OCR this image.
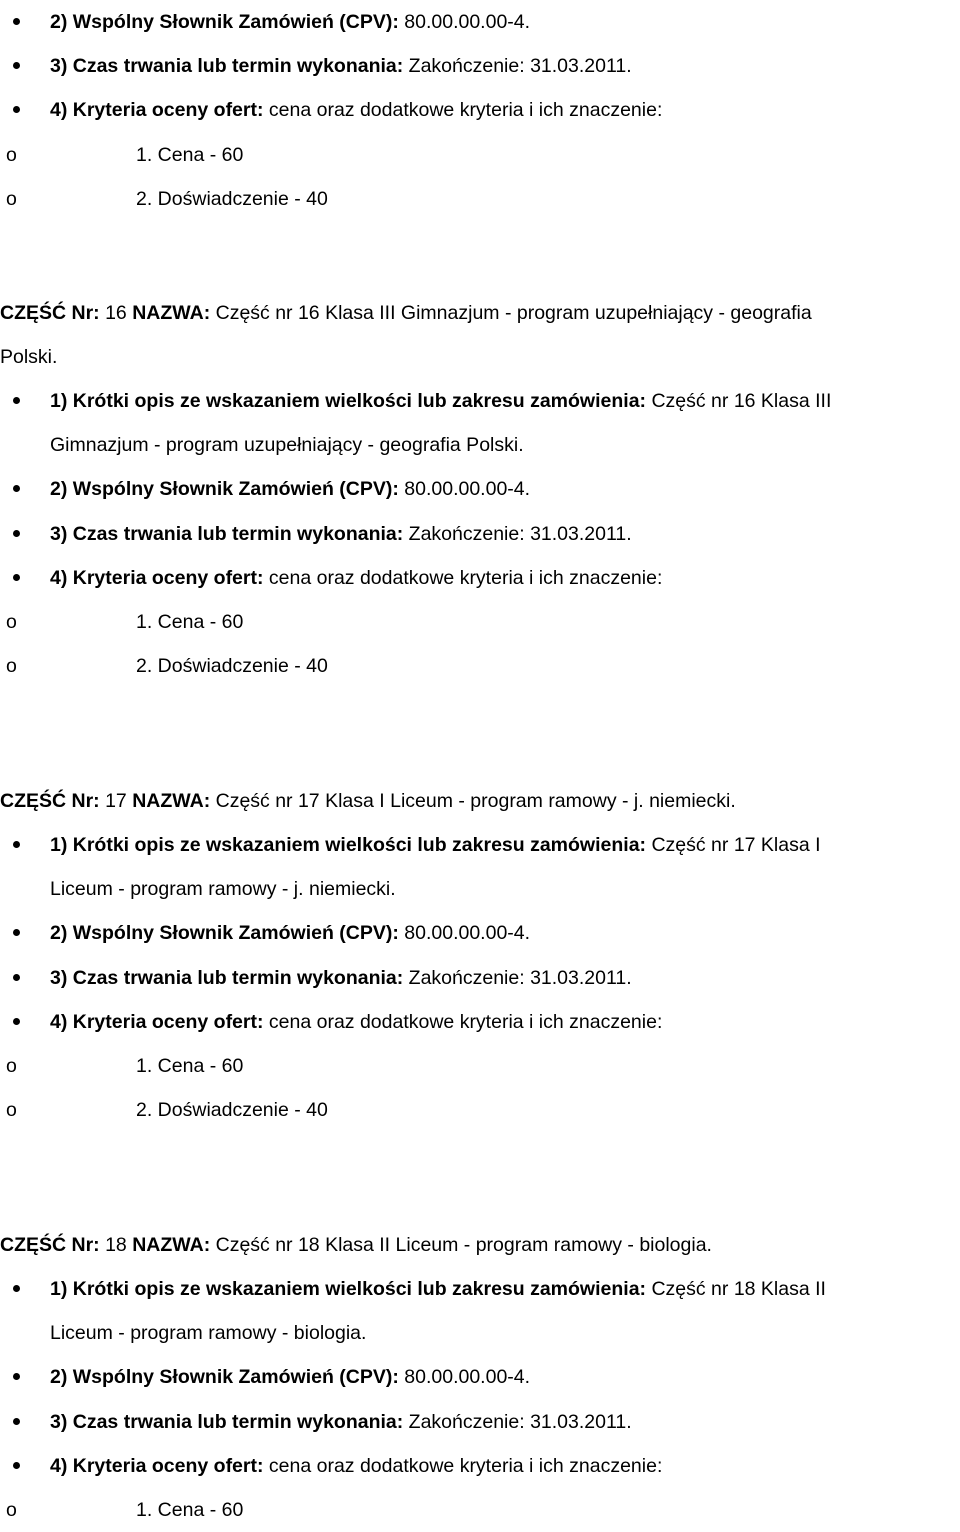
2) Wspólny Słownik Zamówień (CPV): 80.00.00.00-4.
3) Czas trwania lub termin wykonania: Zakończenie: 31.03.2011.
4) Kryteria oceny ofert: cena oraz dodatkowe kryteria i ich znaczenie:
o	1. Cena - 60
o	2. Doświadczenie - 40
CZĘŚĆ Nr: 16 NAZWA: Część nr 16 Klasa III Gimnazjum - program uzupełniający - geografia
Polski.
1) Krótki opis ze wskazaniem wielkości lub zakresu zamówienia: Część nr 16 Klasa III
Gimnazjum - program uzupełniający - geografia Polski.
2) Wspólny Słownik Zamówień (CPV): 80.00.00.00-4.
3) Czas trwania lub termin wykonania: Zakończenie: 31.03.2011.
4) Kryteria oceny ofert: cena oraz dodatkowe kryteria i ich znaczenie:
o	1. Cena - 60
o	2. Doświadczenie - 40
CZĘŚĆ Nr: 17 NAZWA: Część nr 17 Klasa I Liceum - program ramowy - j. niemiecki.
1) Krótki opis ze wskazaniem wielkości lub zakresu zamówienia: Część nr 17 Klasa I
Liceum - program ramowy - j. niemiecki.
2) Wspólny Słownik Zamówień (CPV): 80.00.00.00-4.
3) Czas trwania lub termin wykonania: Zakończenie: 31.03.2011.
4) Kryteria oceny ofert: cena oraz dodatkowe kryteria i ich znaczenie:
o	1. Cena - 60
o	2. Doświadczenie - 40
CZĘŚĆ Nr: 18 NAZWA: Część nr 18 Klasa II Liceum - program ramowy - biologia.
1) Krótki opis ze wskazaniem wielkości lub zakresu zamówienia: Część nr 18 Klasa II
Liceum - program ramowy - biologia.
2) Wspólny Słownik Zamówień (CPV): 80.00.00.00-4.
3) Czas trwania lub termin wykonania: Zakończenie: 31.03.2011.
4) Kryteria oceny ofert: cena oraz dodatkowe kryteria i ich znaczenie:
o	1. Cena - 60
